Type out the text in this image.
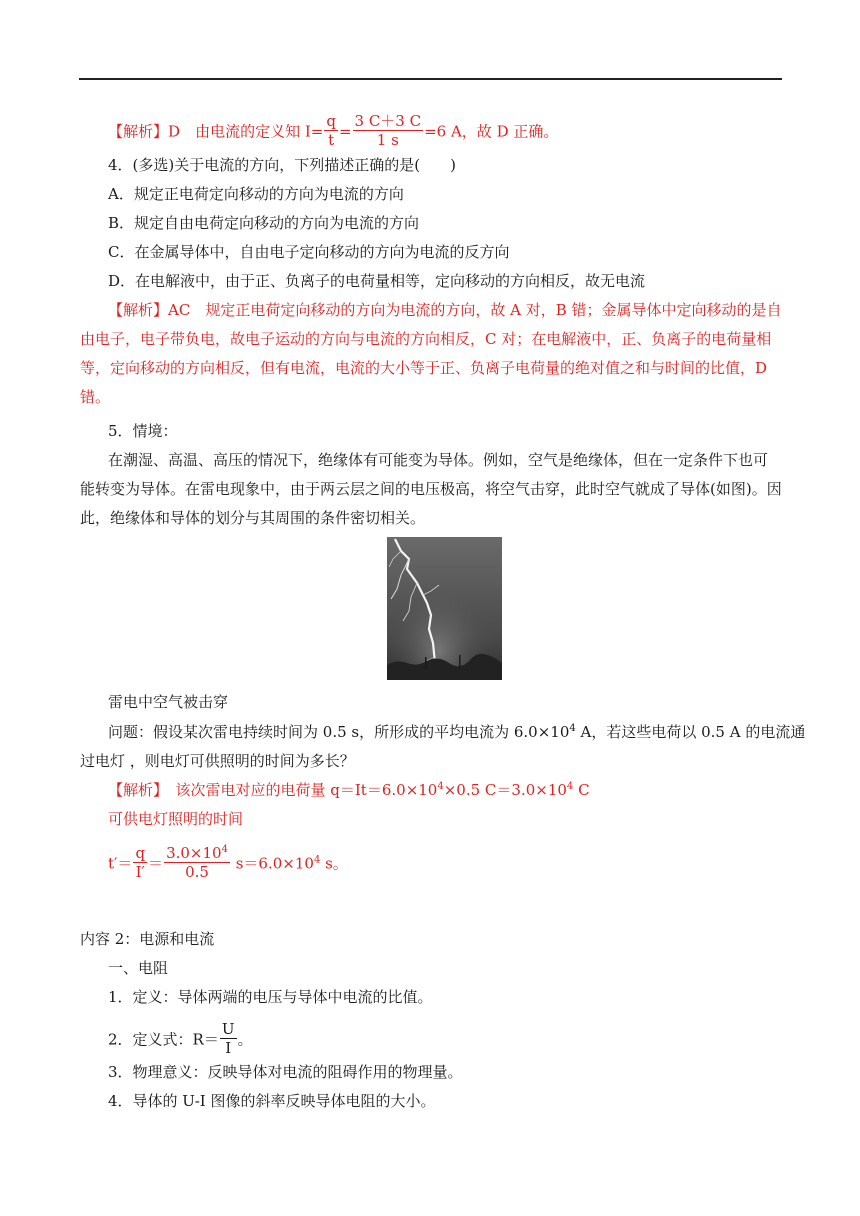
【解析】D　 由电流的定义知 $I= \frac{q}{t} = \frac{3 C+3 C}{1 s} =6$ A，故 D 正确。
4．(多选)关于电流的方向，下列描述正确的是(　　)
A．规定正电荷定向移动的方向为电流的方向
B．规定自由电荷定向移动的方向为电流的方向
C．在金属导体中，自由电子定向移动的方向为电流的反方向
D．在电解液中，由于正、负离子的电荷量相等，定向移动的方向相反，故无电流
【解析】AC　规定正电荷定向移动的方向为电流的方向，故 A 对，B 错；金属导体中定向移动的是自
由电子，电子带负电，故电子运动的方向与电流的方向相反，C 对；在电解液中，正、负离子的电荷量相
等，定向移动的方向相反，但有电流，电流的大小等于正、负离子电荷量的绝对值之和与时间的比值，D
错。
5．情境：
在潮湿、高温、高压的情况下，绝缘体有可能变为导体。例如，空气是绝缘体，但在一定条件下也可
能转变为导体。在雷电现象中，由于两云层之间的电压极高，将空气击穿，此时空气就成了导体(如图)。因
此，绝缘体和导体的划分与其周围的条件密切相关。
雷电中空气被击穿
问题：假设某次雷电持续时间为 0.5 s，所形成的平均电流为 $6.0\times 10^4$ A，若这些电荷以 0.5 A 的电流通
过电灯 ，则电灯可供照明的时间为多长？
【解析】　该次雷电对应的电荷量 $q=It=6.0\times 10^4\times 0.5$ $C=3.0\times 10^4$ C
可供电灯照明的时间
$t'= \frac{q}{I'} = \frac{3.0\times 10^4}{0.5} s=6.0\times 10^4$ s。
内容 2：电源和电流
一、电阻
1．定义：导体两端的电压与导体中电流的比值。
2．定义式：$R= \frac{U}{I}$ 。
3．物理意义：反映导体对电流的阻碍作用的物理量。
4．导体的 U-I 图像的斜率反映导体电阻的大小。
